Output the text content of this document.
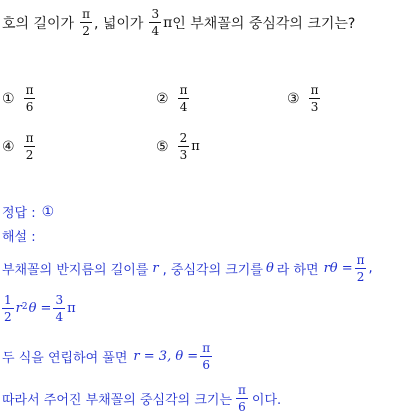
호의 길이가 $\frac{\pi}{2}$ , 넓이가 $\frac{3}{4}$ π 인 부채꼴의 중심각의 크기는?
① $\frac{\pi}{6}$	② $\frac{\pi}{4}$	③ $\frac{\pi}{3}$
④ $\frac{\pi}{2}$	⑤ $\frac{2}{3}$ π
정답 : ①
해설 :
부채꼴의 반지름의 길이를 r , 중심각의 크기를 θ 라 하면 $r\theta = \frac{\pi}{2}$ ,
$\frac{1}{2} r^2$ $\theta = \frac{3}{4}$ π
두 식을 연립하여 풀면 r = 3, $\theta = \frac{\pi}{6}$
따라서 주어진 부채꼴의 중심각의 크기는 $\frac{\pi}{6}$ 이다.
